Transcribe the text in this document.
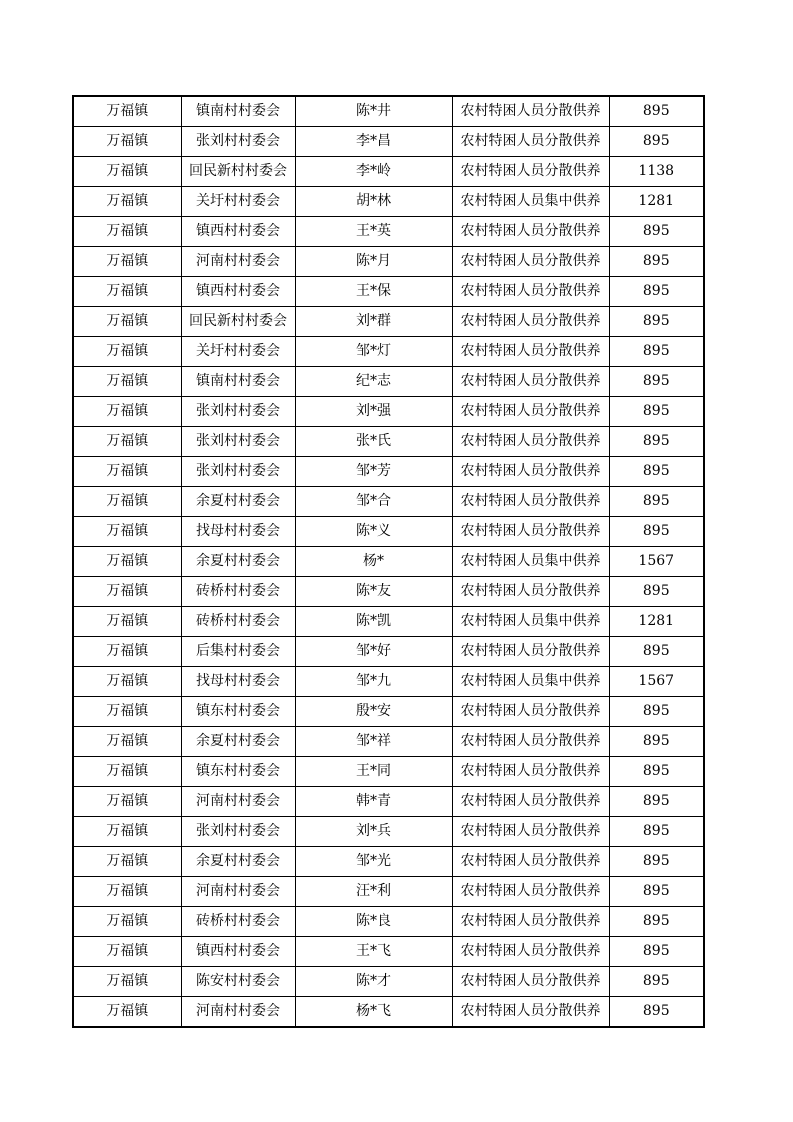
万福镇	镇南村村委会	陈*井	农村特困人员分散供养	895
万福镇	张刘村村委会	李*昌	农村特困人员分散供养	895
万福镇	回民新村村委会	李*岭	农村特困人员分散供养	1138
万福镇	关圩村村委会	胡*林	农村特困人员集中供养	1281
万福镇	镇西村村委会	王*英	农村特困人员分散供养	895
万福镇	河南村村委会	陈*月	农村特困人员分散供养	895
万福镇	镇西村村委会	王*保	农村特困人员分散供养	895
万福镇	回民新村村委会	刘*群	农村特困人员分散供养	895
万福镇	关圩村村委会	邹*灯	农村特困人员分散供养	895
万福镇	镇南村村委会	纪*志	农村特困人员分散供养	895
万福镇	张刘村村委会	刘*强	农村特困人员分散供养	895
万福镇	张刘村村委会	张*氏	农村特困人员分散供养	895
万福镇	张刘村村委会	邹*芳	农村特困人员分散供养	895
万福镇	余夏村村委会	邹*合	农村特困人员分散供养	895
万福镇	找母村村委会	陈*义	农村特困人员分散供养	895
万福镇	余夏村村委会	杨*	农村特困人员集中供养	1567
万福镇	砖桥村村委会	陈*友	农村特困人员分散供养	895
万福镇	砖桥村村委会	陈*凯	农村特困人员集中供养	1281
万福镇	后集村村委会	邹*好	农村特困人员分散供养	895
万福镇	找母村村委会	邹*九	农村特困人员集中供养	1567
万福镇	镇东村村委会	殷*安	农村特困人员分散供养	895
万福镇	余夏村村委会	邹*祥	农村特困人员分散供养	895
万福镇	镇东村村委会	王*同	农村特困人员分散供养	895
万福镇	河南村村委会	韩*青	农村特困人员分散供养	895
万福镇	张刘村村委会	刘*兵	农村特困人员分散供养	895
万福镇	余夏村村委会	邹*光	农村特困人员分散供养	895
万福镇	河南村村委会	汪*利	农村特困人员分散供养	895
万福镇	砖桥村村委会	陈*良	农村特困人员分散供养	895
万福镇	镇西村村委会	王*飞	农村特困人员分散供养	895
万福镇	陈安村村委会	陈*才	农村特困人员分散供养	895
万福镇	河南村村委会	杨*飞	农村特困人员分散供养	895
